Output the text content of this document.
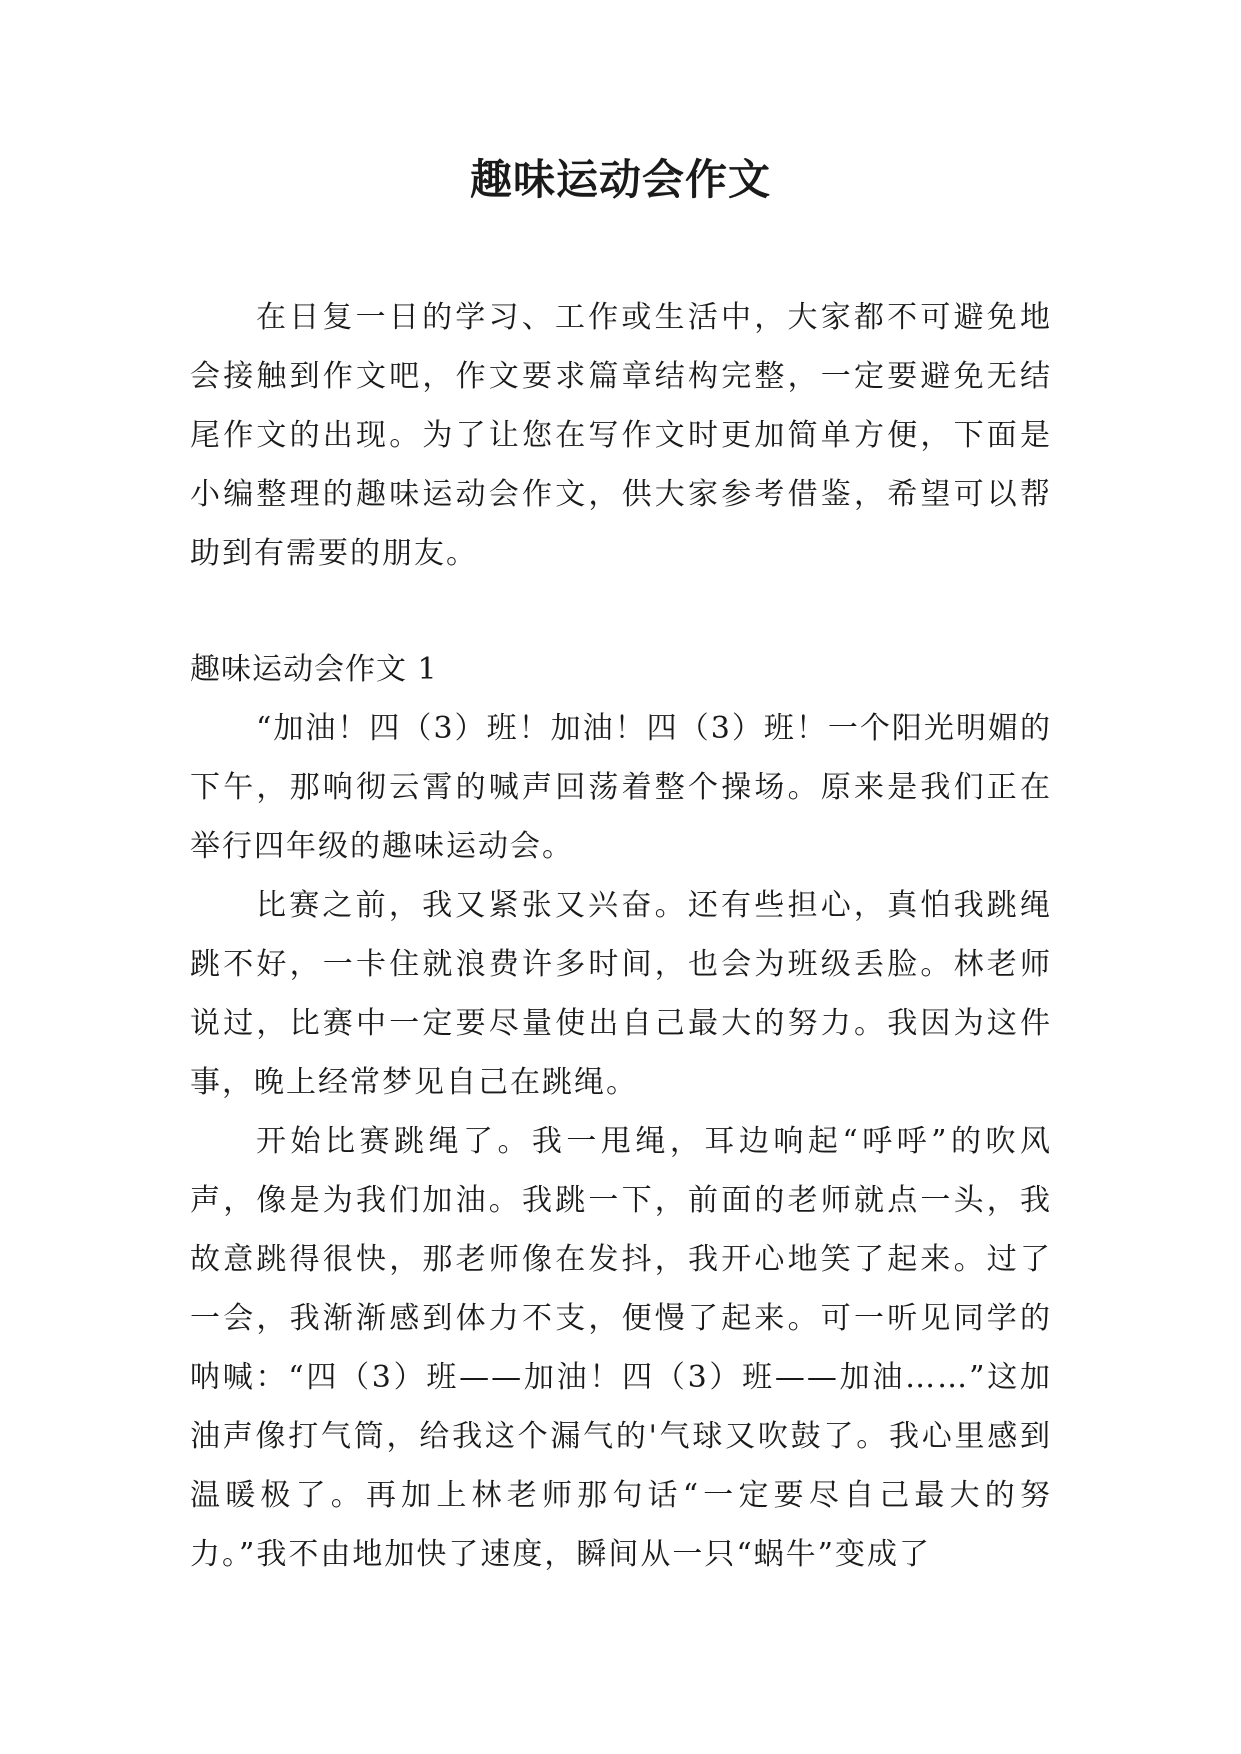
趣味运动会作文

在日复一日的学习、工作或生活中，大家都不可避免地会接触到作文吧，作文要求篇章结构完整，一定要避免无结尾作文的出现。为了让您在写作文时更加简单方便，下面是小编整理的趣味运动会作文，供大家参考借鉴，希望可以帮助到有需要的朋友。

趣味运动会作文 1

“加油！四（3）班！加油！四（3）班！一个阳光明媚的下午，那响彻云霄的喊声回荡着整个操场。原来是我们正在举行四年级的趣味运动会。

比赛之前，我又紧张又兴奋。还有些担心，真怕我跳绳跳不好，一卡住就浪费许多时间，也会为班级丢脸。林老师说过，比赛中一定要尽量使出自己最大的努力。我因为这件事，晚上经常梦见自己在跳绳。

开始比赛跳绳了。我一甩绳，耳边响起“呼呼”的吹风声，像是为我们加油。我跳一下，前面的老师就点一头，我故意跳得很快，那老师像在发抖，我开心地笑了起来。过了一会，我渐渐感到体力不支，便慢了起来。可一听见同学的呐喊：“四（3）班——加油！四（3）班——加油……”这加油声像打气筒，给我这个漏气的'气球又吹鼓了。我心里感到温暖极了。再加上林老师那句话“一定要尽自己最大的努力。”我不由地加快了速度，瞬间从一只“蜗牛”变成了
